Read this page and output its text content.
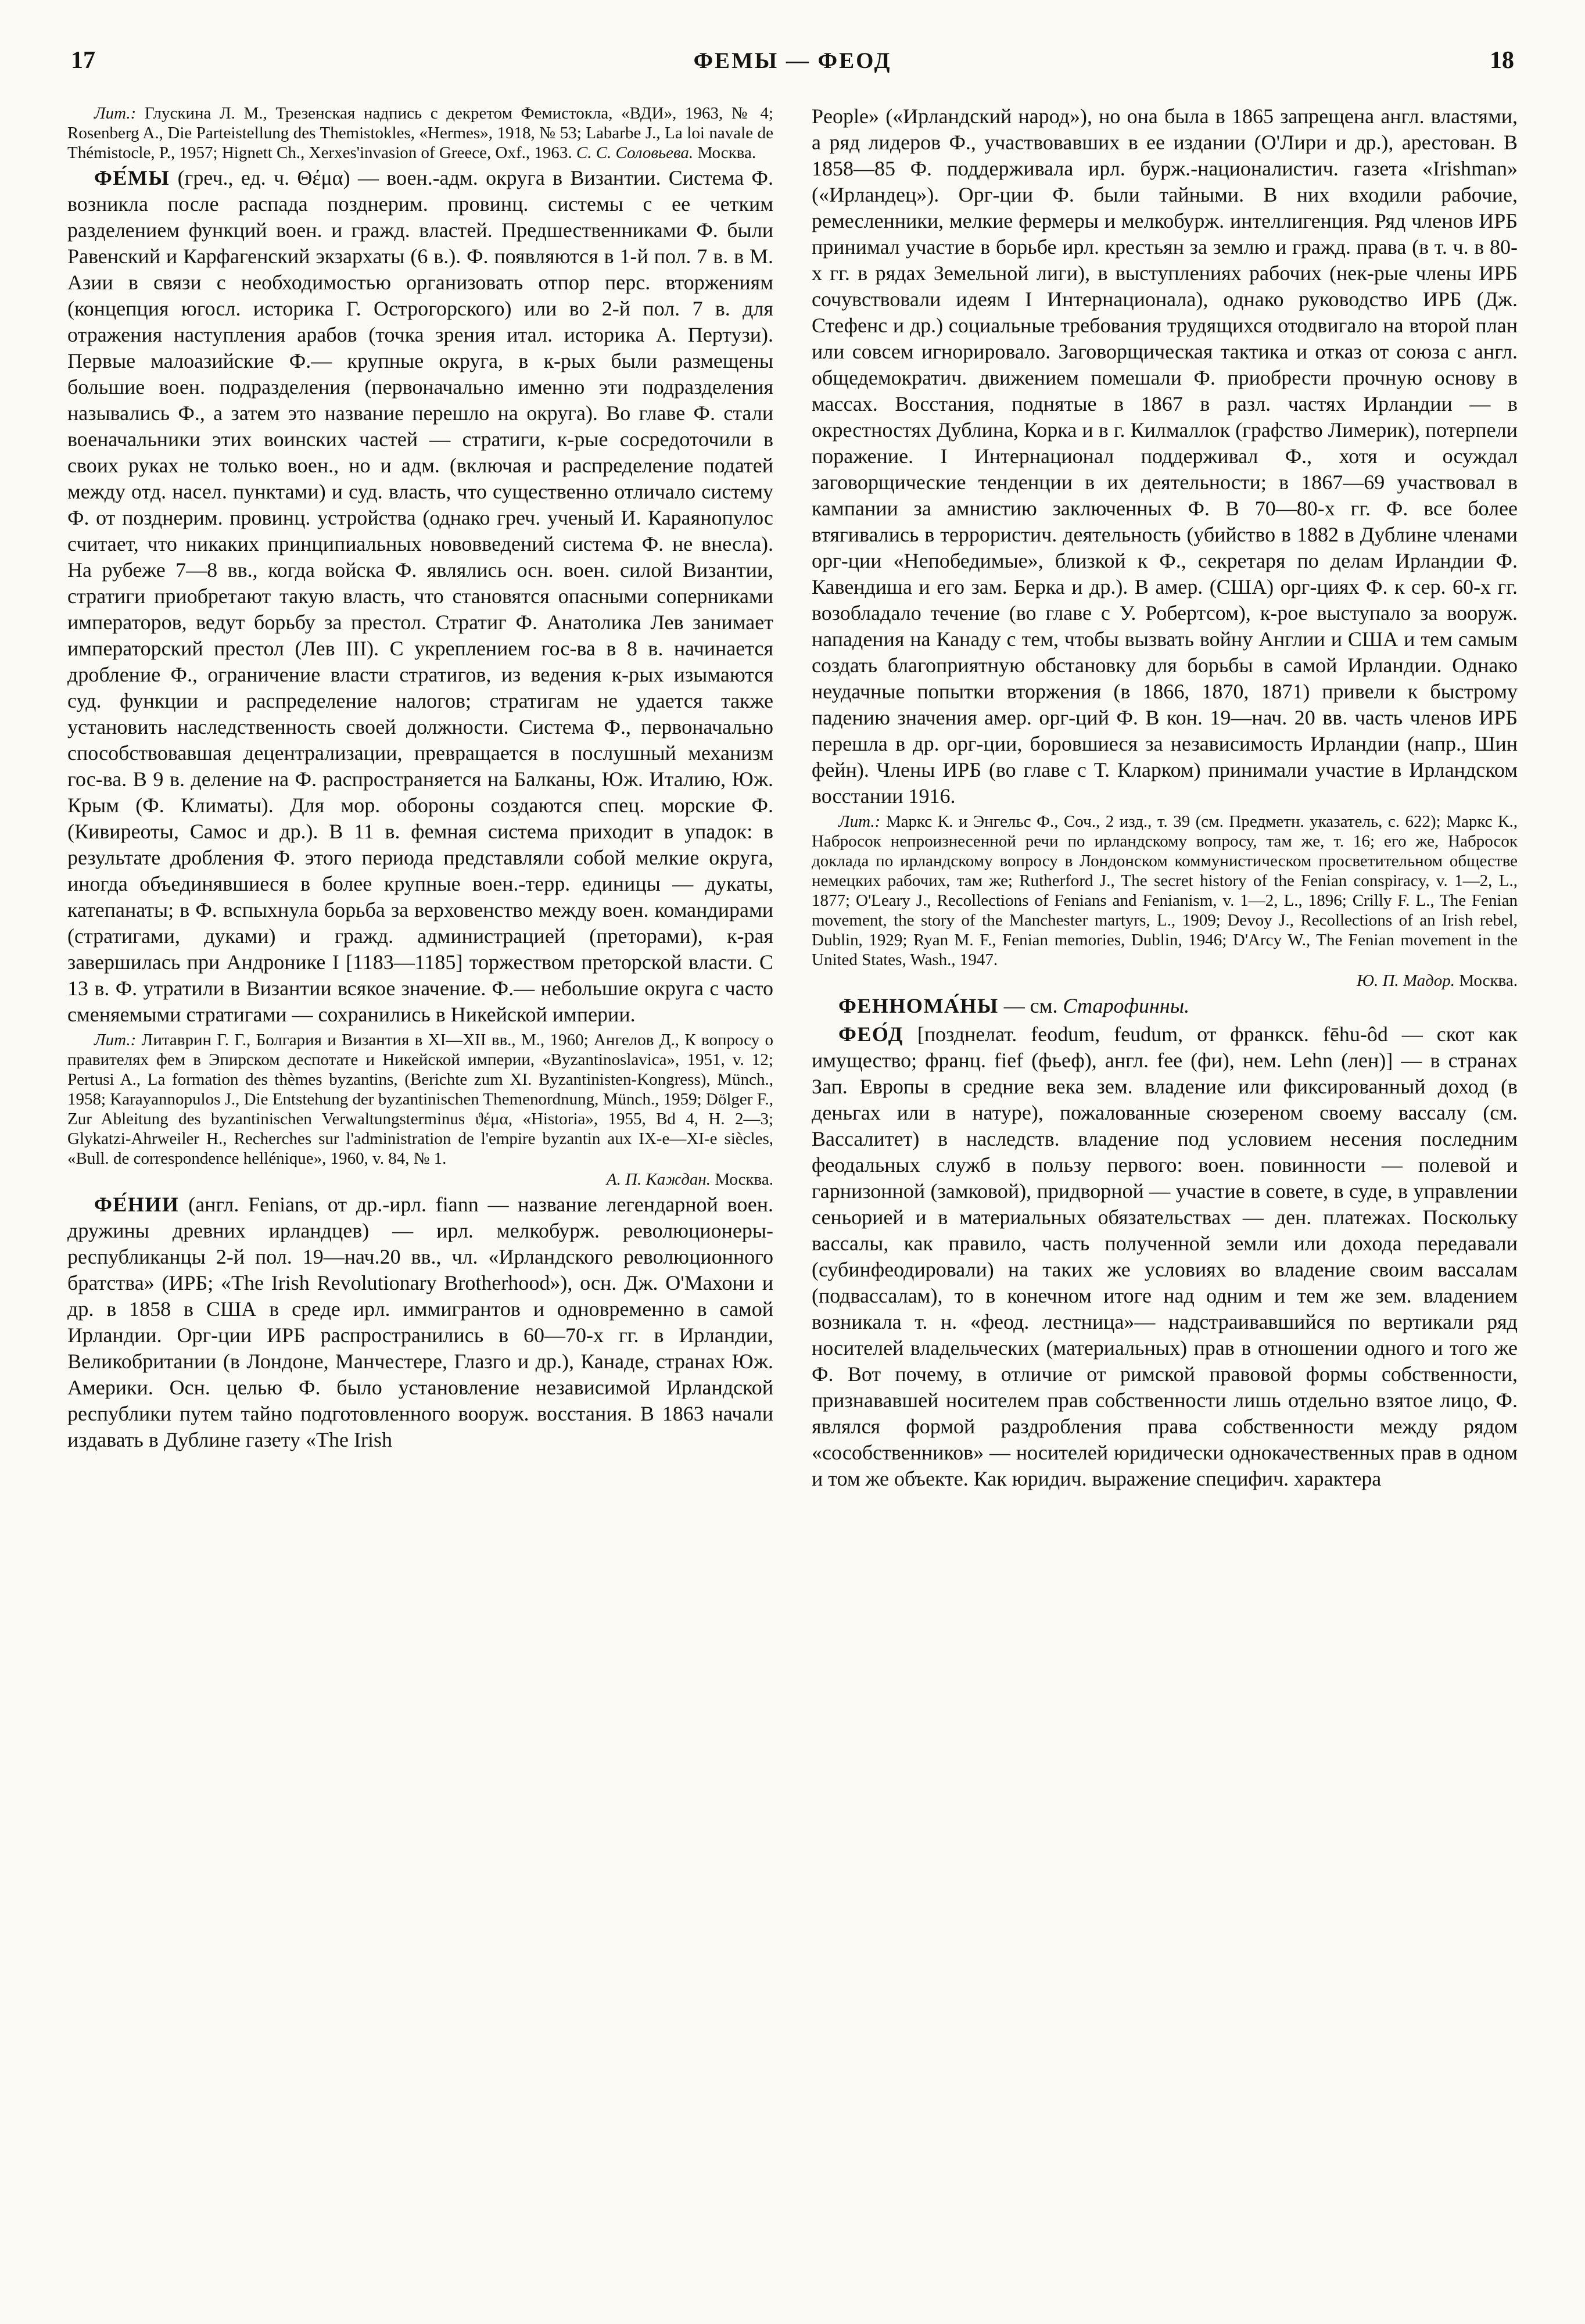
17	ФЕМЫ — ФЕОД	18

Лит.: Глускина Л. М., Трезенская надпись с декретом Фемистокла, «ВДИ», 1963, № 4; Rosenberg A., Die Parteistellung des Themistokles, «Hermes», 1918, № 53; Labarbe J., La loi navale de Thémistocle, P., 1957; Hignett Ch., Xerxes'invasion of Greece, Oxf., 1963. С. С. Соловьева. Москва.

ФЕ́МЫ (греч., ед. ч. Θέμα) — воен.-адм. округа в Византии. Система Ф. возникла после распада позднерим. провинц. системы с ее четким разделением функций воен. и гражд. властей. Предшественниками Ф. были Равенский и Карфагенский экзархаты (6 в.). Ф. появляются в 1-й пол. 7 в. в М. Азии в связи с необходимостью организовать отпор перс. вторжениям (концепция югосл. историка Г. Острогорского) или во 2-й пол. 7 в. для отражения наступления арабов (точка зрения итал. историка А. Пертузи). Первые малоазийские Ф.— крупные округа, в к-рых были размещены большие воен. подразделения (первоначально именно эти подразделения назывались Ф., а затем это название перешло на округа). Во главе Ф. стали военачальники этих воинских частей — стратиги, к-рые сосредоточили в своих руках не только воен., но и адм. (включая и распределение податей между отд. насел. пунктами) и суд. власть, что существенно отличало систему Ф. от позднерим. провинц. устройства (однако греч. ученый И. Караянопулос считает, что никаких принципиальных нововведений система Ф. не внесла). На рубеже 7—8 вв., когда войска Ф. являлись осн. воен. силой Византии, стратиги приобретают такую власть, что становятся опасными соперниками императоров, ведут борьбу за престол. Стратиг Ф. Анатолика Лев занимает императорский престол (Лев III). С укреплением гос-ва в 8 в. начинается дробление Ф., ограничение власти стратигов, из ведения к-рых изымаются суд. функции и распределение налогов; стратигам не удается также установить наследственность своей должности. Система Ф., первоначально способствовавшая децентрализации, превращается в послушный механизм гос-ва. В 9 в. деление на Ф. распространяется на Балканы, Юж. Италию, Юж. Крым (Ф. Климаты). Для мор. обороны создаются спец. морские Ф. (Кивиреоты, Самос и др.). В 11 в. фемная система приходит в упадок: в результате дробления Ф. этого периода представляли собой мелкие округа, иногда объединявшиеся в более крупные воен.-терр. единицы — дукаты, катепанаты; в Ф. вспыхнула борьба за верховенство между воен. командирами (стратигами, дуками) и гражд. администрацией (преторами), к-рая завершилась при Андронике I [1183—1185] торжеством преторской власти. С 13 в. Ф. утратили в Византии всякое значение. Ф.— небольшие округа с часто сменяемыми стратигами — сохранились в Никейской империи.

Лит.: Литаврин Г. Г., Болгария и Византия в XI—XII вв., М., 1960; Ангелов Д., К вопросу о правителях фем в Эпирском деспотате и Никейской империи, «Byzantinoslavica», 1951, v. 12; Pertusi A., La formation des thèmes byzantins, (Berichte zum XI. Byzantinisten-Kongress), Münch., 1958; Karayannopulos J., Die Entstehung der byzantinischen Themenordnung, Münch., 1959; Dölger F., Zur Ableitung des byzantinischen Verwaltungsterminus ϑέμα, «Historia», 1955, Bd 4, H. 2—3; Glykatzi-Ahrweiler H., Recherches sur l'administration de l'empire byzantin aux IX-e—XI-e siècles, «Bull. de correspondence hellénique», 1960, v. 84, № 1.

А. П. Каждан. Москва.

ФЕ́НИИ (англ. Fenians, от др.-ирл. fiann — название легендарной воен. дружины древних ирландцев) — ирл. мелкобурж. революционеры-республиканцы 2-й пол. 19—нач.20 вв., чл. «Ирландского революционного братства» (ИРБ; «The Irish Revolutionary Brotherhood»), осн. Дж. О'Махони и др. в 1858 в США в среде ирл. иммигрантов и одновременно в самой Ирландии. Орг-ции ИРБ распространились в 60—70-х гг. в Ирландии, Великобритании (в Лондоне, Манчестере, Глазго и др.), Канаде, странах Юж. Америки. Осн. целью Ф. было установление независимой Ирландской республики путем тайно подготовленного вооруж. восстания. В 1863 начали издавать в Дублине газету «The Irish

People» («Ирландский народ»), но она была в 1865 запрещена англ. властями, а ряд лидеров Ф., участвовавших в ее издании (О'Лири и др.), арестован. В 1858—85 Ф. поддерживала ирл. бурж.-националистич. газета «Irishman» («Ирландец»). Орг-ции Ф. были тайными. В них входили рабочие, ремесленники, мелкие фермеры и мелкобурж. интеллигенция. Ряд членов ИРБ принимал участие в борьбе ирл. крестьян за землю и гражд. права (в т. ч. в 80-х гг. в рядах Земельной лиги), в выступлениях рабочих (нек-рые члены ИРБ сочувствовали идеям I Интернационала), однако руководство ИРБ (Дж. Стефенс и др.) социальные требования трудящихся отодвигало на второй план или совсем игнорировало. Заговорщическая тактика и отказ от союза с англ. общедемократич. движением помешали Ф. приобрести прочную основу в массах. Восстания, поднятые в 1867 в разл. частях Ирландии — в окрестностях Дублина, Корка и в г. Килмаллок (графство Лимерик), потерпели поражение. I Интернационал поддерживал Ф., хотя и осуждал заговорщические тенденции в их деятельности; в 1867—69 участвовал в кампании за амнистию заключенных Ф. В 70—80-х гг. Ф. все более втягивались в террористич. деятельность (убийство в 1882 в Дублине членами орг-ции «Непобедимые», близкой к Ф., секретаря по делам Ирландии Ф. Кавендиша и его зам. Берка и др.). В амер. (США) орг-циях Ф. к сер. 60-х гг. возобладало течение (во главе с У. Робертсом), к-рое выступало за вооруж. нападения на Канаду с тем, чтобы вызвать войну Англии и США и тем самым создать благоприятную обстановку для борьбы в самой Ирландии. Однако неудачные попытки вторжения (в 1866, 1870, 1871) привели к быстрому падению значения амер. орг-ций Ф. В кон. 19—нач. 20 вв. часть членов ИРБ перешла в др. орг-ции, боровшиеся за независимость Ирландии (напр., Шин фейн). Члены ИРБ (во главе с Т. Кларком) принимали участие в Ирландском восстании 1916.

Лит.: Маркс К. и Энгельс Ф., Соч., 2 изд., т. 39 (см. Предметн. указатель, с. 622); Маркс К., Набросок непроизнесенной речи по ирландскому вопросу, там же, т. 16; его же, Набросок доклада по ирландскому вопросу в Лондонском коммунистическом просветительном обществе немецких рабочих, там же; Rutherford J., The secret history of the Fenian conspiracy, v. 1—2, L., 1877; O'Leary J., Recollections of Fenians and Fenianism, v. 1—2, L., 1896; Crilly F. L., The Fenian movement, the story of the Manchester martyrs, L., 1909; Devoy J., Recollections of an Irish rebel, Dublin, 1929; Ryan M. F., Fenian memories, Dublin, 1946; D'Arcy W., The Fenian movement in the United States, Wash., 1947.

Ю. П. Мадор. Москва.

ФЕННОМА́НЫ — см. Старофинны.

ФЕО́Д [позднелат. feodum, feudum, от франкск. fēhu-ôd — скот как имущество; франц. fief (фьеф), англ. fee (фи), нем. Lehn (лен)] — в странах Зап. Европы в средние века зем. владение или фиксированный доход (в деньгах или в натуре), пожалованные сюзереном своему вассалу (см. Вассалитет) в наследств. владение под условием несения последним феодальных служб в пользу первого: воен. повинности — полевой и гарнизонной (замковой), придворной — участие в совете, в суде, в управлении сеньорией и в материальных обязательствах — ден. платежах. Поскольку вассалы, как правило, часть полученной земли или дохода передавали (субинфеодировали) на таких же условиях во владение своим вассалам (подвассалам), то в конечном итоге над одним и тем же зем. владением возникала т. н. «феод. лестница»— надстраивавшийся по вертикали ряд носителей владельческих (материальных) прав в отношении одного и того же Ф. Вот почему, в отличие от римской правовой формы собственности, признававшей носителем прав собственности лишь отдельно взятое лицо, Ф. являлся формой раздробления права собственности между рядом «сособственников» — носителей юридически однокачественных прав в одном и том же объекте. Как юридич. выражение специфич. характера
